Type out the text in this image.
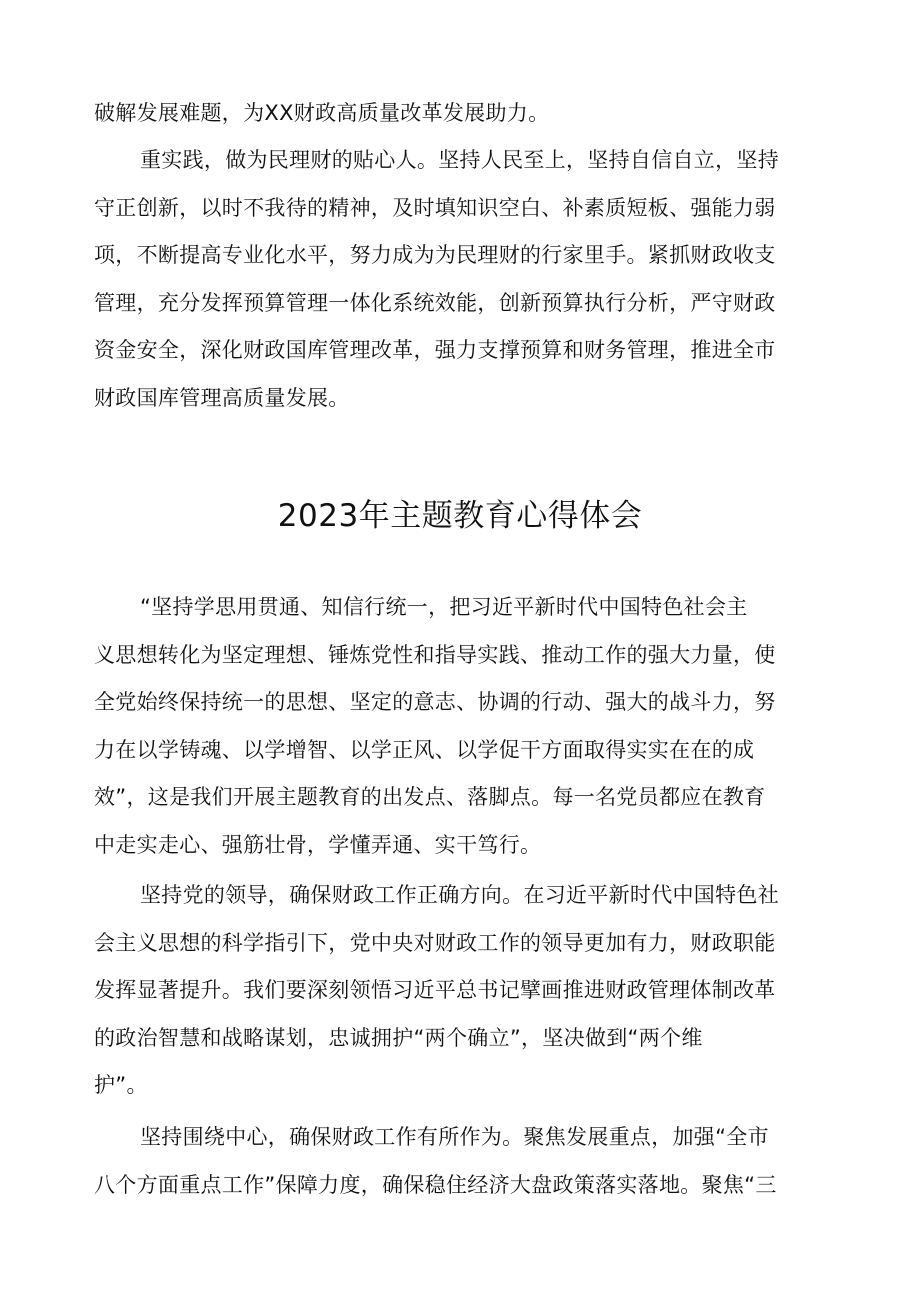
破解发展难题，为XX财政高质量改革发展助力。
重实践，做为民理财的贴心人。坚持人民至上，坚持自信自立，坚持
守正创新，以时不我待的精神，及时填知识空白、补素质短板、强能力弱
项，不断提高专业化水平，努力成为为民理财的行家里手。紧抓财政收支
管理，充分发挥预算管理一体化系统效能，创新预算执行分析，严守财政
资金安全，深化财政国库管理改革，强力支撑预算和财务管理，推进全市
财政国库管理高质量发展。
2023年主题教育心得体会
“坚持学思用贯通、知信行统一，把习近平新时代中国特色社会主
义思想转化为坚定理想、锤炼党性和指导实践、推动工作的强大力量，使
全党始终保持统一的思想、坚定的意志、协调的行动、强大的战斗力，努
力在以学铸魂、以学增智、以学正风、以学促干方面取得实实在在的成
效”，这是我们开展主题教育的出发点、落脚点。每一名党员都应在教育
中走实走心、强筋壮骨，学懂弄通、实干笃行。
坚持党的领导，确保财政工作正确方向。在习近平新时代中国特色社
会主义思想的科学指引下，党中央对财政工作的领导更加有力，财政职能
发挥显著提升。我们要深刻领悟习近平总书记擘画推进财政管理体制改革
的政治智慧和战略谋划，忠诚拥护“两个确立”，坚决做到“两个维
护”。
坚持围绕中心，确保财政工作有所作为。聚焦发展重点，加强“全市
八个方面重点工作”保障力度，确保稳住经济大盘政策落实落地。聚焦“三
